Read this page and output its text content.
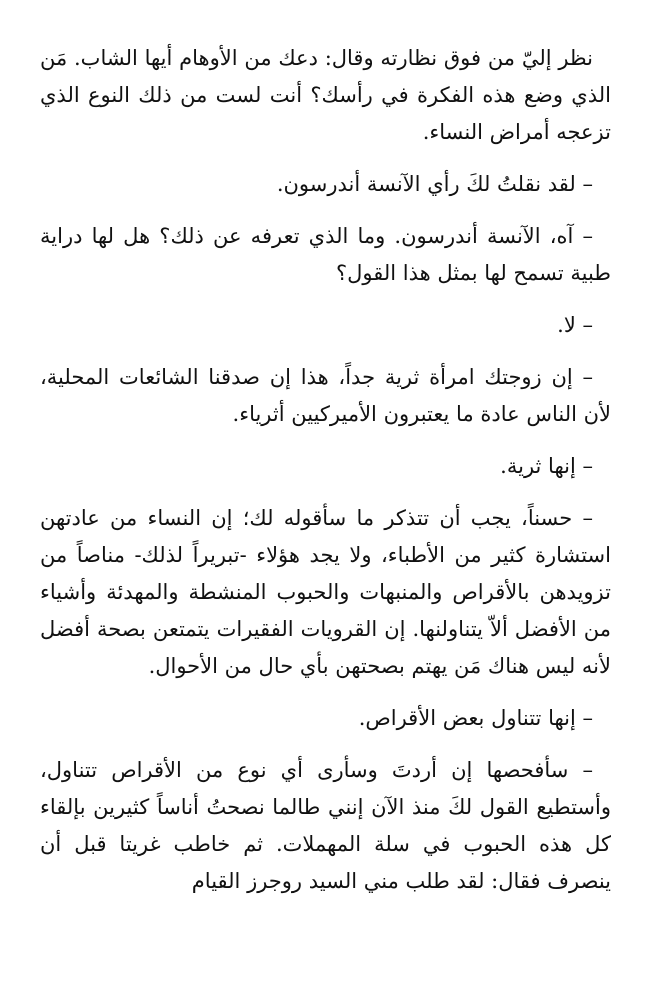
نظر إليّ من فوق نظارته وقال: دعك من الأوهام أيها الشاب. مَن الذي وضع هذه الفكرة في رأسك؟ أنت لست من ذلك النوع الذي تزعجه أمراض النساء.

– لقد نقلتُ لكَ رأي الآنسة أندرسون.

– آه، الآنسة أندرسون. وما الذي تعرفه عن ذلك؟ هل لها دراية طبية تسمح لها بمثل هذا القول؟

– لا.

– إن زوجتك امرأة ثرية جداً، هذا إن صدقنا الشائعات المحلية، لأن الناس عادة ما يعتبرون الأميركيين أثرياء.

– إنها ثرية.

– حسناً، يجب أن تتذكر ما سأقوله لك؛ إن النساء من عادتهن استشارة كثير من الأطباء، ولا يجد هؤلاء -تبريراً لذلك- مناصاً من تزويدهن بالأقراص والمنبهات والحبوب المنشطة والمهدئة وأشياء من الأفضل ألاّ يتناولنها. إن القرويات الفقيرات يتمتعن بصحة أفضل لأنه ليس هناك مَن يهتم بصحتهن بأي حال من الأحوال.

– إنها تتناول بعض الأقراص.

– سأفحصها إن أردتَ وسأرى أي نوع من الأقراص تتناول، وأستطيع القول لكَ منذ الآن إنني طالما نصحتُ أناساً كثيرين بإلقاء كل هذه الحبوب في سلة المهملات. ثم خاطب غريتا قبل أن ينصرف فقال: لقد طلب مني السيد روجرز القيام
